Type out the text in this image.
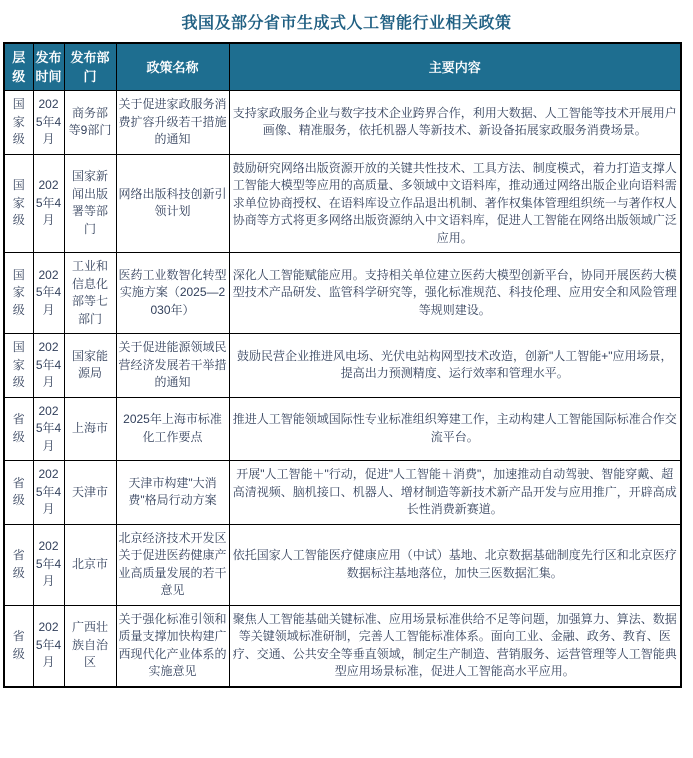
我国及部分省市生成式人工智能行业相关政策
层级	发布时间	发布部门	政策名称	主要内容
国家级	2025年4月	商务部等9部门	关于促进家政服务消费扩容升级若干措施的通知	支持家政服务企业与数字技术企业跨界合作，利用大数据、人工智能等技术开展用户画像、精准服务，依托机器人等新技术、新设备拓展家政服务消费场景。
国家级	2025年4月	国家新闻出版署等部门	网络出版科技创新引领计划	鼓励研究网络出版资源开放的关键共性技术、工具方法、制度模式，着力打造支撑人工智能大模型等应用的高质量、多领域中文语料库，推动通过网络出版企业向语料需求单位协商授权、在语料库设立作品退出机制、著作权集体管理组织统一与著作权人协商等方式将更多网络出版资源纳入中文语料库，促进人工智能在网络出版领域广泛应用。
国家级	2025年4月	工业和信息化部等七部门	医药工业数智化转型实施方案（2025—2030年）	深化人工智能赋能应用。支持相关单位建立医药大模型创新平台，协同开展医药大模型技术产品研发、监管科学研究等，强化标准规范、科技伦理、应用安全和风险管理等规则建设。
国家级	2025年4月	国家能源局	关于促进能源领域民营经济发展若干举措的通知	鼓励民营企业推进风电场、光伏电站构网型技术改造，创新"人工智能+"应用场景，提高出力预测精度、运行效率和管理水平。
省级	2025年4月	上海市	2025年上海市标准化工作要点	推进人工智能领域国际性专业标准组织筹建工作，主动构建人工智能国际标准合作交流平台。
省级	2025年4月	天津市	天津市构建"大消费"格局行动方案	开展"人工智能＋"行动，促进"人工智能＋消费"，加速推动自动驾驶、智能穿戴、超高清视频、脑机接口、机器人、增材制造等新技术新产品开发与应用推广，开辟高成长性消费新赛道。
省级	2025年4月	北京市	北京经济技术开发区关于促进医药健康产业高质量发展的若干意见	依托国家人工智能医疗健康应用（中试）基地、北京数据基础制度先行区和北京医疗数据标注基地落位，加快三医数据汇集。
省级	2025年4月	广西壮族自治区	关于强化标准引领和质量支撑加快构建广西现代化产业体系的实施意见	聚焦人工智能基础关键标准、应用场景标准供给不足等问题，加强算力、算法、数据等关键领域标准研制，完善人工智能标准体系。面向工业、金融、政务、教育、医疗、交通、公共安全等垂直领域，制定生产制造、营销服务、运营管理等人工智能典型应用场景标准，促进人工智能高水平应用。
